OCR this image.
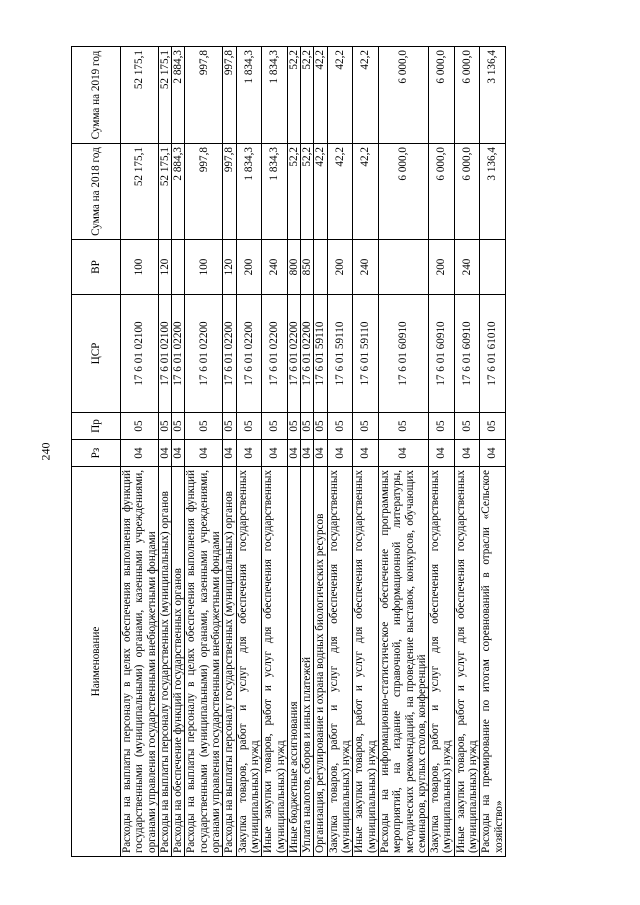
240
Наименование	Рз	Пр	ЦСР	ВР	Сумма на 2018 год	Сумма на 2019 год
Расходы на выплаты персоналу в целях обеспечения выполнения функций государственными (муниципальными) органами, казенными учреждениями, органами управления государственными внебюджетными фондами	04	05	17 6 01 02100	100	52 175,1	52 175,1
Расходы на выплаты персоналу государственных (муниципальных) органов	04	05	17 6 01 02100	120	52 175,1	52 175,1
Расходы на обеспечение функций государственных органов	04	05	17 6 01 02200		2 884,3	2 884,3
Расходы на выплаты персоналу в целях обеспечения выполнения функций государственными (муниципальными) органами, казенными учреждениями, органами управления государственными внебюджетными фондами	04	05	17 6 01 02200	100	997,8	997,8
Расходы на выплаты персоналу государственных (муниципальных) органов	04	05	17 6 01 02200	120	997,8	997,8
Закупка товаров, работ и услуг для обеспечения государственных (муниципальных) нужд	04	05	17 6 01 02200	200	1 834,3	1 834,3
Иные закупки товаров, работ и услуг для обеспечения государственных (муниципальных) нужд	04	05	17 6 01 02200	240	1 834,3	1 834,3
Иные бюджетные ассигнования	04	05	17 6 01 02200	800	52,2	52,2
Уплата налогов, сборов и иных платежей	04	05	17 6 01 02200	850	52,2	52,2
Организация, регулирование и охрана водных биологических ресурсов	04	05	17 6 01 59110		42,2	42,2
Закупка товаров, работ и услуг для обеспечения государственных (муниципальных) нужд	04	05	17 6 01 59110	200	42,2	42,2
Иные закупки товаров, работ и услуг для обеспечения государственных (муниципальных) нужд	04	05	17 6 01 59110	240	42,2	42,2
Расходы на информационно-статистическое обеспечение программных мероприятий, на издание справочной, информационной литературы, методических рекомендаций, на проведение выставок, конкурсов, обучающих семинаров, круглых столов, конференций	04	05	17 6 01 60910		6 000,0	6 000,0
Закупка товаров, работ и услуг для обеспечения государственных (муниципальных) нужд	04	05	17 6 01 60910	200	6 000,0	6 000,0
Иные закупки товаров, работ и услуг для обеспечения государственных (муниципальных) нужд	04	05	17 6 01 60910	240	6 000,0	6 000,0
Расходы на премирование по итогам соревнований в отрасли «Сельское хозяйство»	04	05	17 6 01 61010		3 136,4	3 136,4
